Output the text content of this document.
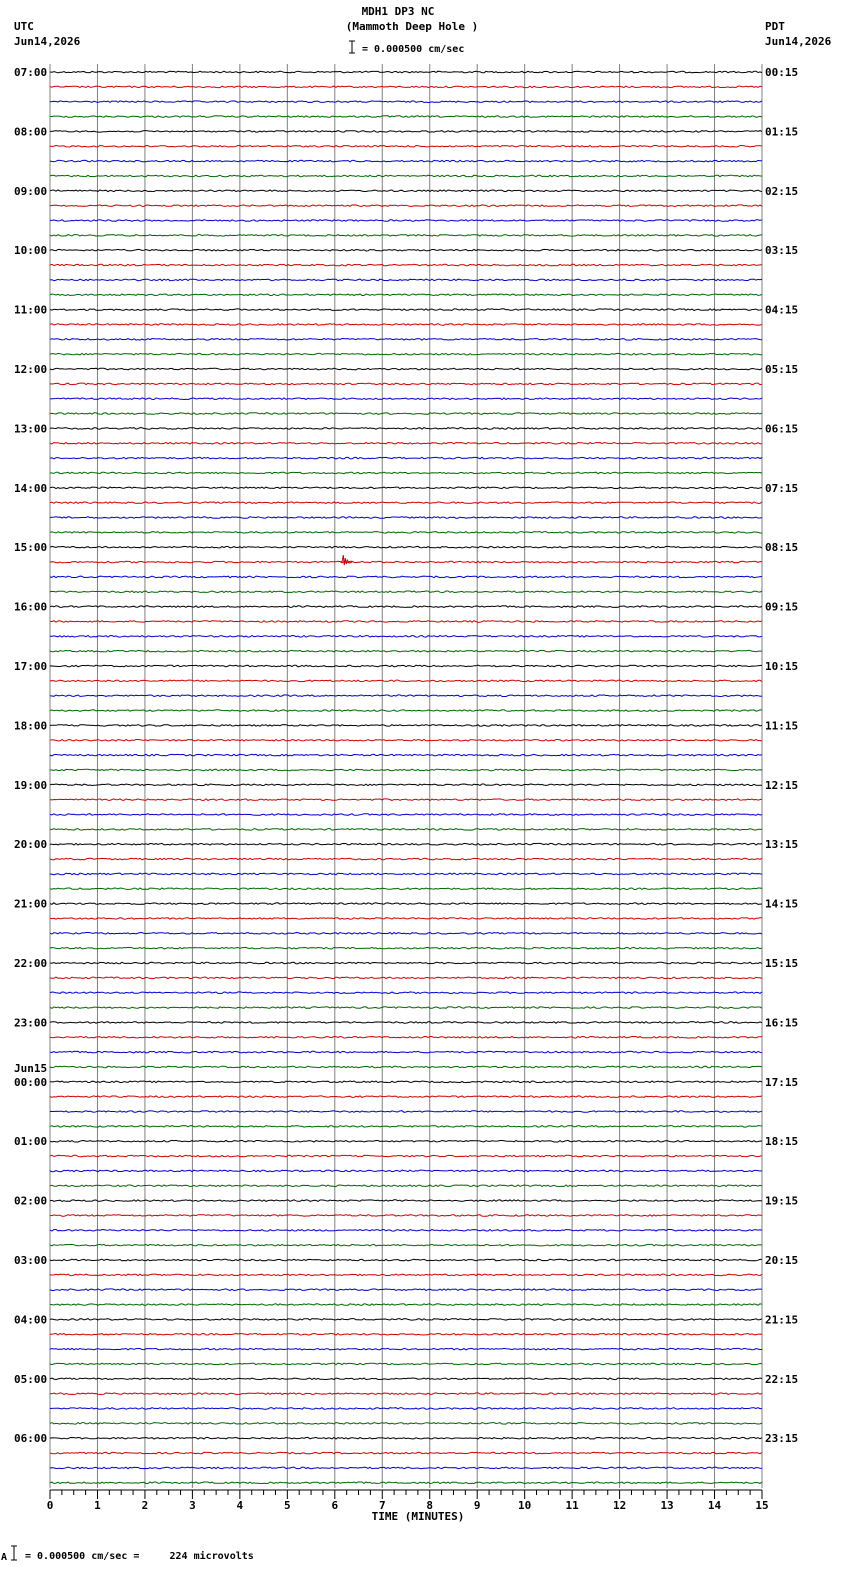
MDH1 DP3 NC
(Mammoth Deep Hole )
UTC
Jun14,2026
PDT
Jun14,2026
= 0.000500 cm/sec
07:00
08:00
09:00
10:00
11:00
12:00
13:00
14:00
15:00
16:00
17:00
18:00
19:00
20:00
21:00
22:00
23:00
00:00
01:00
02:00
03:00
04:00
05:00
06:00
00:15
01:15
02:15
03:15
04:15
05:15
06:15
07:15
08:15
09:15
10:15
11:15
12:15
13:15
14:15
15:15
16:15
17:15
18:15
19:15
20:15
21:15
22:15
23:15
0	1	2	3	4	5	6	7	8	9	10	11	12	13	14	15
Jun15
TIME (MINUTES)
A = 0.000500 cm/sec =     224 microvolts
